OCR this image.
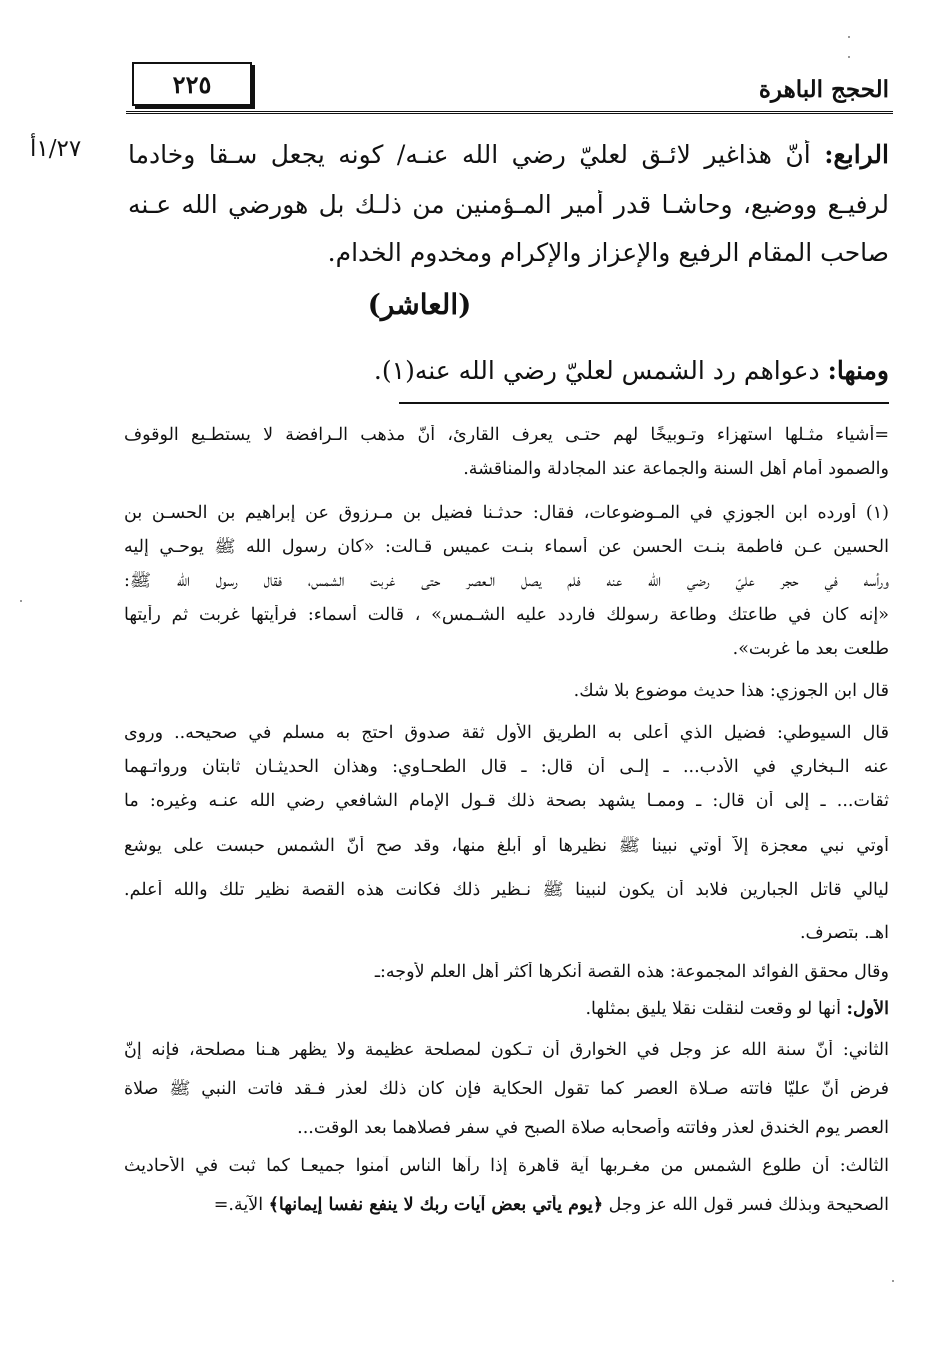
الحجج الباهرة
٢٢٥
١/٢٧أ	الرابع: أنّ هذاغير لائـق لعليّ رضي الله عنـه/ كونه يجعل سـقا وخادما
لرفيـع ووضيع، وحاشـا قدر أمير المـؤمنين من ذلـك بل هورضي الله عـنه
صاحب المقام الرفيع والإعزاز والإكرام ومخدوم الخدام.
(العاشر)
ومنها: دعواهم رد الشمس لعليّ رضي الله عنه(١).
=أشياء مثـلها استهزاء وتـوبيخًا لهم حتـى يعرف القارئ، أنّ مذهب الـرافضة لا يستطـيع الوقوف
والصمود أمام أهل السنة والجماعة عند المجادلة والمناقشة.
(١) أورده ابن الجوزي في المـوضوعات، فقال: حدثـنا فضيل بن مـرزوق عن إبراهيم بن الحسـن بن
الحسين عـن فاطمة بنـت الحسن عن أسماء بنـت عميس قـالت: «كان رسول الله ﷺ يوحـي إليه
ورأسه في حجر عليّ رضي الله عنه فلم يصل الـعصر حتى غربت الشمس، فقال رسول الله ﷺ:
«إنه كان في طاعتك وطاعة رسولك فاردد عليه الشـمس» ، قالت أسماء: فرأيتها غربت ثم رأيتها
طلعت بعد ما غربت».
قال ابن الجوزي: هذا حديث موضوع بلا شك.
قال السيوطي: فضيل الذي أعلى به الطريق الأول ثقة صدوق احتج به مسلم في صحيحه.. وروى
عنه الـبخاري في الأدب... ـ إلـى أن قال: ـ قال الطحـاوي: وهذان الحديثـان ثابتان ورواتـهما
ثقات... ـ إلى أن قال: ـ وممـا يشهد بصحة ذلك قـول الإمام الشافعي رضي الله عنـه وغيره: ما
أوتي نبي معجزة إلاّ أوتي نبينا ﷺ نظيرها أو أبلغ منها، وقد صح أنّ الشمس حبست على يوشع
ليالي قاتل الجبارين فلابد أن يكون لنبينا ﷺ نـظير ذلك فكانت هذه القصة نظير تلك والله أعلم.
اهـ. بتصرف.
وقال محقق الفوائد المجموعة: هذه القصة أنكرها أكثر أهل العلم لأوجه:ـ
الأول: أنها لو وقعت لنقلت نقلا يليق بمثلها.
الثاني: أنّ سنة الله عز وجل في الخوارق أن تـكون لمصلحة عظيمة ولا يظهر هـنا مصلحة، فإنه إنّ
فرض أنّ عليّا فاتته صـلاة العصر كما تقول الحكاية فإن كان ذلك لعذر فـقد فاتت النبي ﷺ صلاة
العصر يوم الخندق لعذر وفاتته وأصحابه صلاة الصبح في سفر فصلاهما بعد الوقت...
الثالث: أن طلوع الشمس من مغـربها آية قاهرة إذا رآها الناس آمنوا جميعـا كما ثبت في الأحاديث
الصحيحة وبذلك فسر قول الله عز وجل ﴿يوم يأتي بعض آيات ربك لا ينفع نفسا إيمانها﴾ الآية.=
